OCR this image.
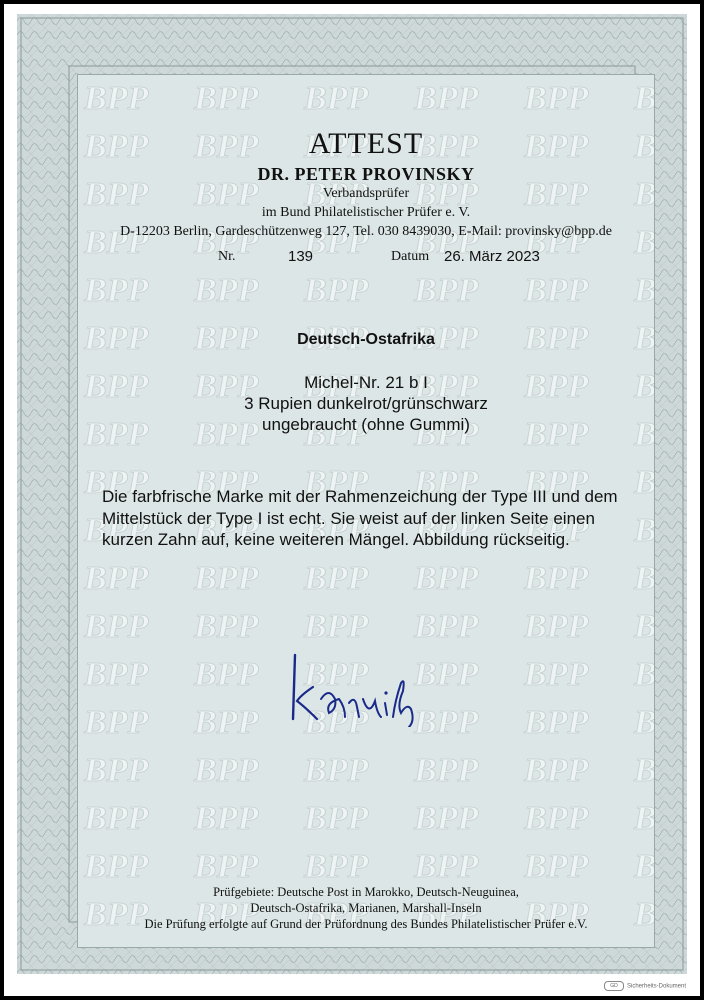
ATTEST
DR. PETER PROVINSKY
Verbandsprüfer
im Bund Philatelistischer Prüfer e. V.
D-12203 Berlin, Gardeschützenweg 127, Tel. 030 8439030, E-Mail: provinsky@bpp.de
Nr.	139	Datum 26. März 2023
Deutsch-Ostafrika
Michel-Nr. 21 b I
3 Rupien dunkelrot/grünschwarz
ungebraucht (ohne Gummi)
Die farbfrische Marke mit der Rahmenzeichung der Type III und dem Mittelstück der Type I ist echt. Sie weist auf der linken Seite einen kurzen Zahn auf, keine weiteren Mängel. Abbildung rückseitig.
Prüfgebiete: Deutsche Post in Marokko, Deutsch-Neuguinea,
Deutsch-Ostafrika, Marianen, Marshall-Inseln
Die Prüfung erfolgte auf Grund der Prüfordnung des Bundes Philatelistischer Prüfer e.V.
GD Sicherheits-Dokument
